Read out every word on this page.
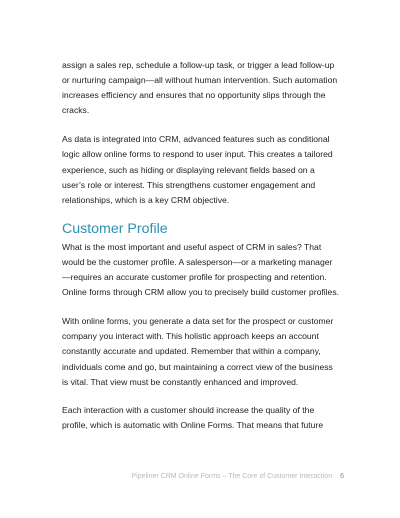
assign a sales rep, schedule a follow-up task, or trigger a lead follow-up or nurturing campaign—all without human intervention. Such automation increases efficiency and ensures that no opportunity slips through the cracks.

As data is integrated into CRM, advanced features such as conditional logic allow online forms to respond to user input. This creates a tailored experience, such as hiding or displaying relevant fields based on a user’s role or interest. This strengthens customer engagement and relationships, which is a key CRM objective.

Customer Profile

What is the most important and useful aspect of CRM in sales? That would be the customer profile. A salesperson—or a marketing manager—requires an accurate customer profile for prospecting and retention. Online forms through CRM allow you to precisely build customer profiles.

With online forms, you generate a data set for the prospect or customer company you interact with. This holistic approach keeps an account constantly accurate and updated. Remember that within a company, individuals come and go, but maintaining a correct view of the business is vital. That view must be constantly enhanced and improved.

Each interaction with a customer should increase the quality of the profile, which is automatic with Online Forms. That means that future

Pipeliner CRM Online Forms – The Core of Customer Interaction 6
